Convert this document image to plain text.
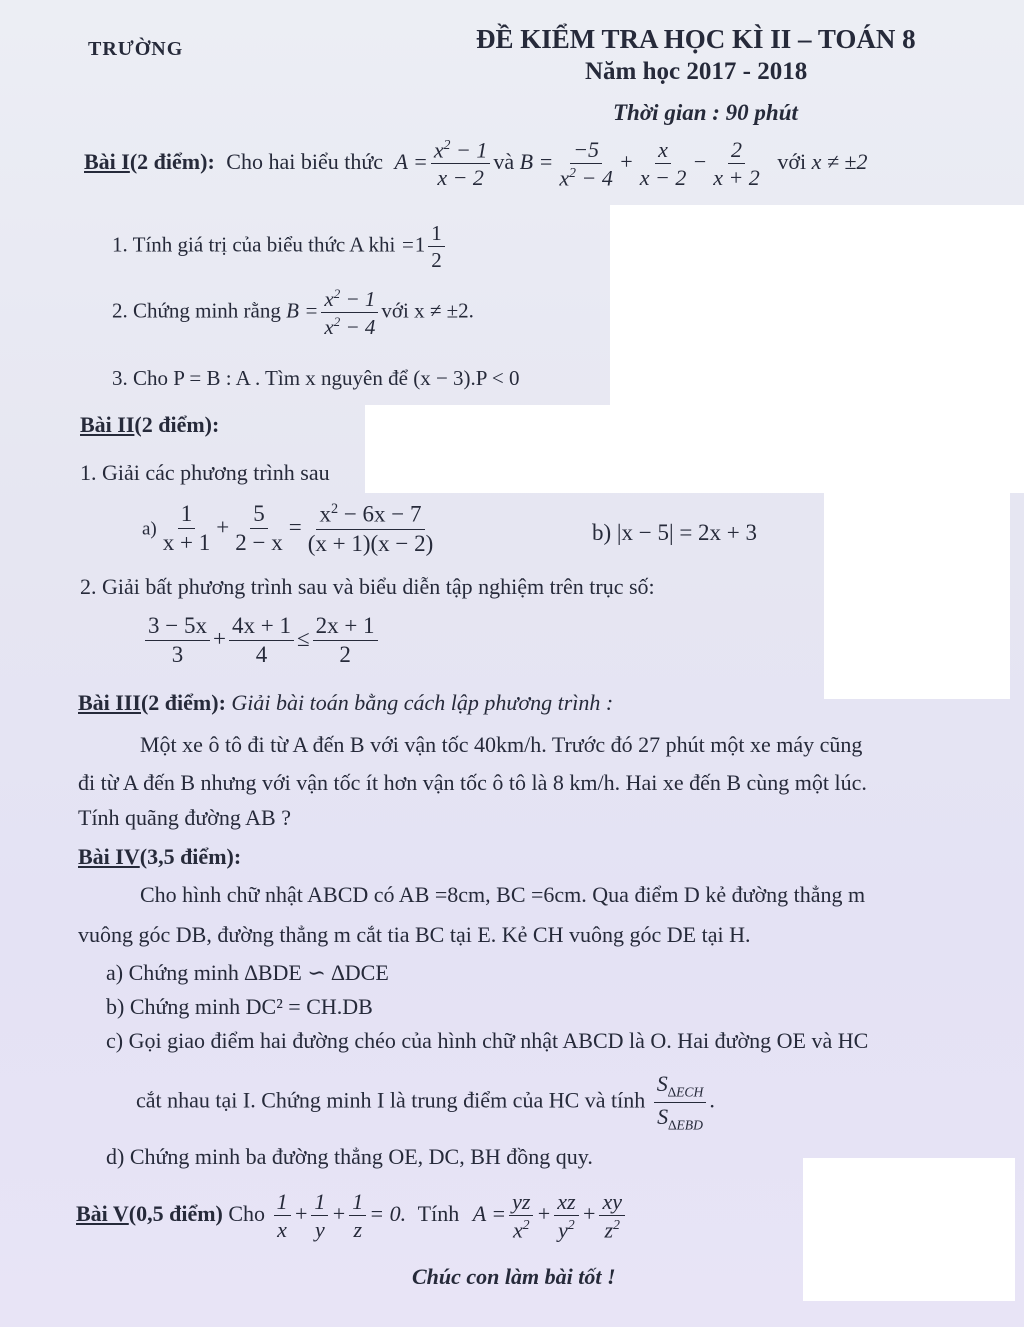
TRƯỜNG	ĐỀ KIỂM TRA HỌC KÌ II – TOÁN 8
Năm học 2017 - 2018
Thời gian : 90 phút
Bài I(2 điểm): Cho hai biểu thức $A = \frac{x^2 - 1}{x - 2}$ và $B = \frac{-5}{x^2 - 4} + \frac{x}{x - 2} - \frac{2}{x + 2}$ với x ≠ ±2
1. Tính giá trị của biểu thức A khi $=1 \frac{1}{2}$
2. Chứng minh rằng $B = \frac{x^2 - 1}{x^2 - 4}$ với x ≠ ±2.
3. Cho P = B : A . Tìm x nguyên để (x − 3).P < 0
Bài II(2 điểm):
1. Giải các phương trình sau
$a) \frac{1}{x + 1} + \frac{5}{2 - x} = \frac{x^2 - 6x - 7}{(x + 1)(x - 2)}$	b) |x − 5| = 2x + 3
2. Giải bất phương trình sau và biểu diễn tập nghiệm trên trục số:
$\frac{3 - 5x}{3} + \frac{4x + 1}{4} \le \frac{2x + 1}{2}$
Bài III(2 điểm): Giải bài toán bằng cách lập phương trình :
Một xe ô tô đi từ A đến B với vận tốc 40km/h. Trước đó 27 phút một xe máy cũng
đi từ A đến B nhưng với vận tốc ít hơn vận tốc ô tô là 8 km/h. Hai xe đến B cùng một lúc.
Tính quãng đường AB ?
Bài IV(3,5 điểm):
Cho hình chữ nhật ABCD có AB =8cm, BC =6cm. Qua điểm D kẻ đường thẳng m
vuông góc DB, đường thẳng m cắt tia BC tại E. Kẻ CH vuông góc DE tại H.
a) Chứng minh ∆BDE ∽ ∆DCE
b) Chứng minh DC² = CH.DB
c) Gọi giao điểm hai đường chéo của hình chữ nhật ABCD là O. Hai đường OE và HC
cắt nhau tại I. Chứng minh I là trung điểm của HC và tính $\frac{S_{\Delta ECH}}{S_{\Delta EBD}}$ .
d) Chứng minh ba đường thẳng OE, DC, BH đồng quy.
Bài V(0,5 điểm) Cho $\frac{1}{x} + \frac{1}{y} + \frac{1}{z} = 0$. Tính $A = \frac{yz}{x^2} + \frac{xz}{y^2} + \frac{xy}{z^2}$
Chúc con làm bài tốt !
